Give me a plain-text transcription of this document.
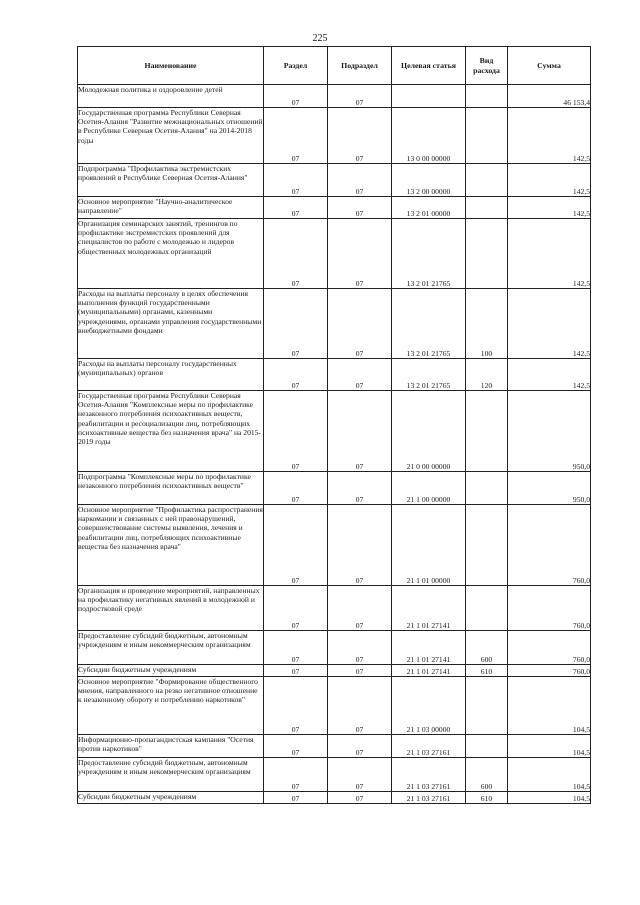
225
Наименование	Раздел	Подраздел	Целевая статья	Вид расхода	Сумма
Молодежная политика и оздоровление детей	07	07			46 153,4
Государственная программа Республики Северная Осетия-Алания "Развитие межнациональных отношений в Республике Северная Осетия-Алания" на 2014-2018 годы	07	07	13 0 00 00000		142,5
Подпрограмма "Профилактика экстремистских проявлений в Республике Северная Осетия-Алания"	07	07	13 2 00 00000		142,5
Основное мероприятие "Научно-аналитическое направление"	07	07	13 2 01 00000		142,5
Организация семинарских занятий, тренингов по профилактике экстремистских проявлений для специалистов по работе с молодежью и лидеров общественных молодежных организаций	07	07	13 2 01 21765		142,5
Расходы на выплаты персоналу в целях обеспечения выполнения функций государственными (муниципальными) органами, казенными учреждениями, органами управления государственными внебюджетными фондами	07	07	13 2 01 21765	100	142,5
Расходы на выплаты персоналу государственных (муниципальных) органов	07	07	13 2 01 21765	120	142,5
Государственная программа Республики Северная Осетия-Алания "Комплексные меры по профилактике незаконного потребления психоактивных веществ, реабилитации и ресоциализации лиц, потребляющих психоактивные вещества без назначения врача" на 2015-2019 годы	07	07	21 0 00 00000		950,0
Подпрограмма "Комплексные меры по профилактике незаконного потребления психоактивных веществ"	07	07	21 1 00 00000		950,0
Основное мероприятие "Профилактика распространения наркомании и связанных с ней правонарушений, совершенствование системы выявления, лечения и реабилитации лиц, потребляющих психоактивные вещества без назначения врача"	07	07	21 1 01 00000		760,0
Организация и проведение мероприятий, направленных на профилактику негативных явлений в молодежной и подростковой среде	07	07	21 1 01 27141		760,0
Предоставление субсидий бюджетным, автономным учреждениям и иным некоммерческим организациям	07	07	21 1 01 27141	600	760,0
Субсидии бюджетным учреждениям	07	07	21 1 01 27141	610	760,0
Основное мероприятие "Формирование общественного мнения, направленного на резко негативное отношение к незаконному обороту и потреблению наркотиков"	07	07	21 1 03 00000		104,5
Информационно-пропагандистская кампания "Осетия против наркотиков"	07	07	21 1 03 27161		104,5
Предоставление субсидий бюджетным, автономным учреждениям и иным некоммерческим организациям	07	07	21 1 03 27161	600	104,5
Субсидии бюджетным учреждениям	07	07	21 1 03 27161	610	104,5
